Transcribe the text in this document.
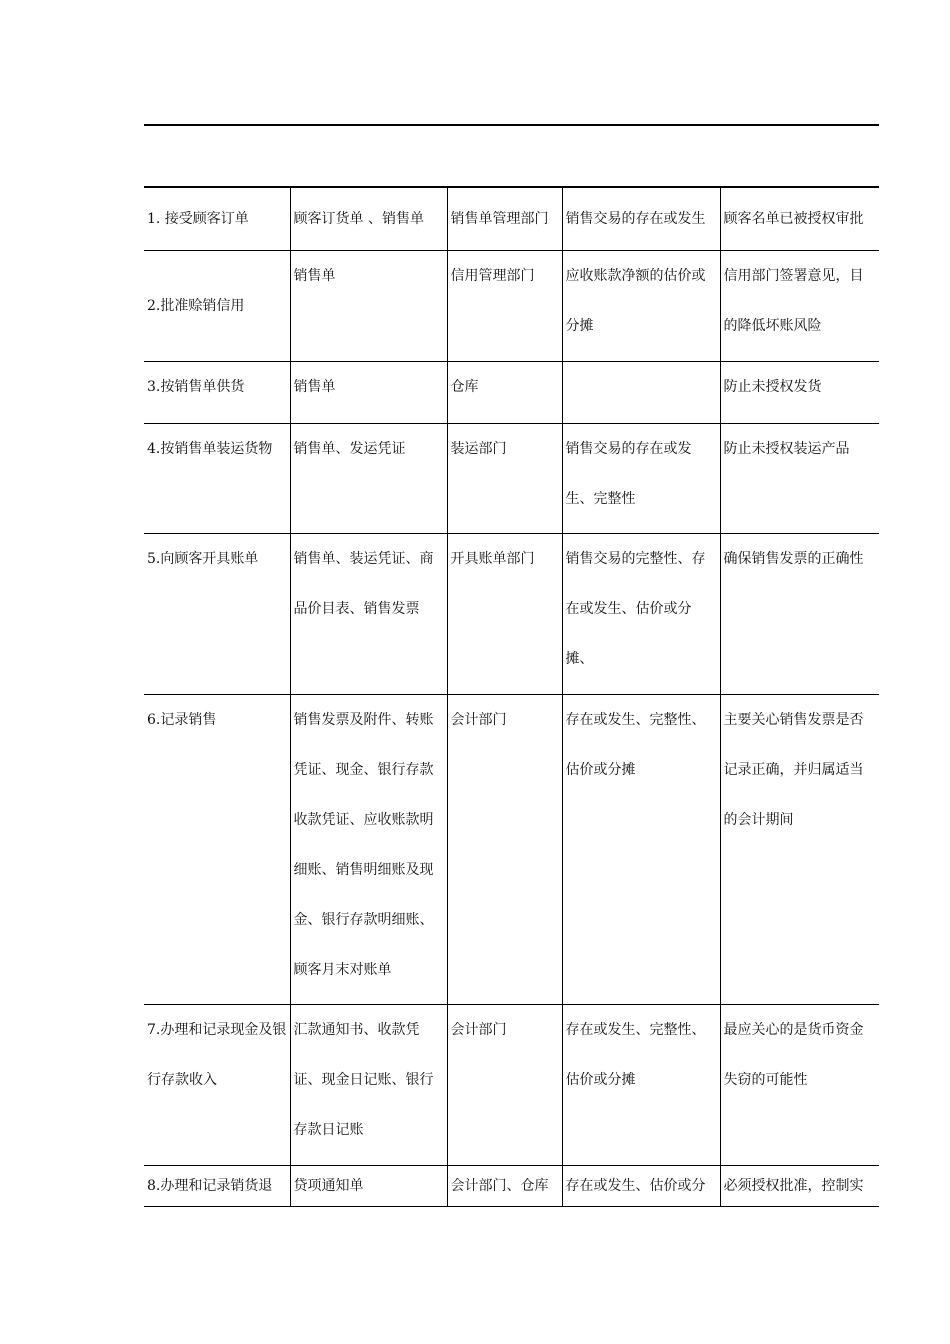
1. 接受顾客订单	顾客订货单 、销售单	销售单管理部门	销售交易的存在或发生	顾客名单已被授权审批
2.批准赊销信用	销售单	信用管理部门	应收账款净额的估价或分摊	信用部门签署意见，目的降低坏账风险
3.按销售单供货	销售单	仓库		防止未授权发货
4.按销售单装运货物	销售单、发运凭证	装运部门	销售交易的存在或发生、完整性	防止未授权装运产品
5.向顾客开具账单	销售单、装运凭证、商品价目表、销售发票	开具账单部门	销售交易的完整性、存在或发生、估价或分摊、	确保销售发票的正确性
6.记录销售	销售发票及附件、转账凭证、现金、银行存款收款凭证、应收账款明细账、销售明细账及现金、银行存款明细账、顾客月末对账单	会计部门	存在或发生、完整性、估价或分摊	主要关心销售发票是否记录正确，并归属适当的会计期间
7.办理和记录现金及银行存款收入	汇款通知书、收款凭证、现金日记账、银行存款日记账	会计部门	存在或发生、完整性、估价或分摊	最应关心的是货币资金失窃的可能性
8.办理和记录销货退	贷项通知单	会计部门、仓库	存在或发生、估价或分	必须授权批准，控制实
